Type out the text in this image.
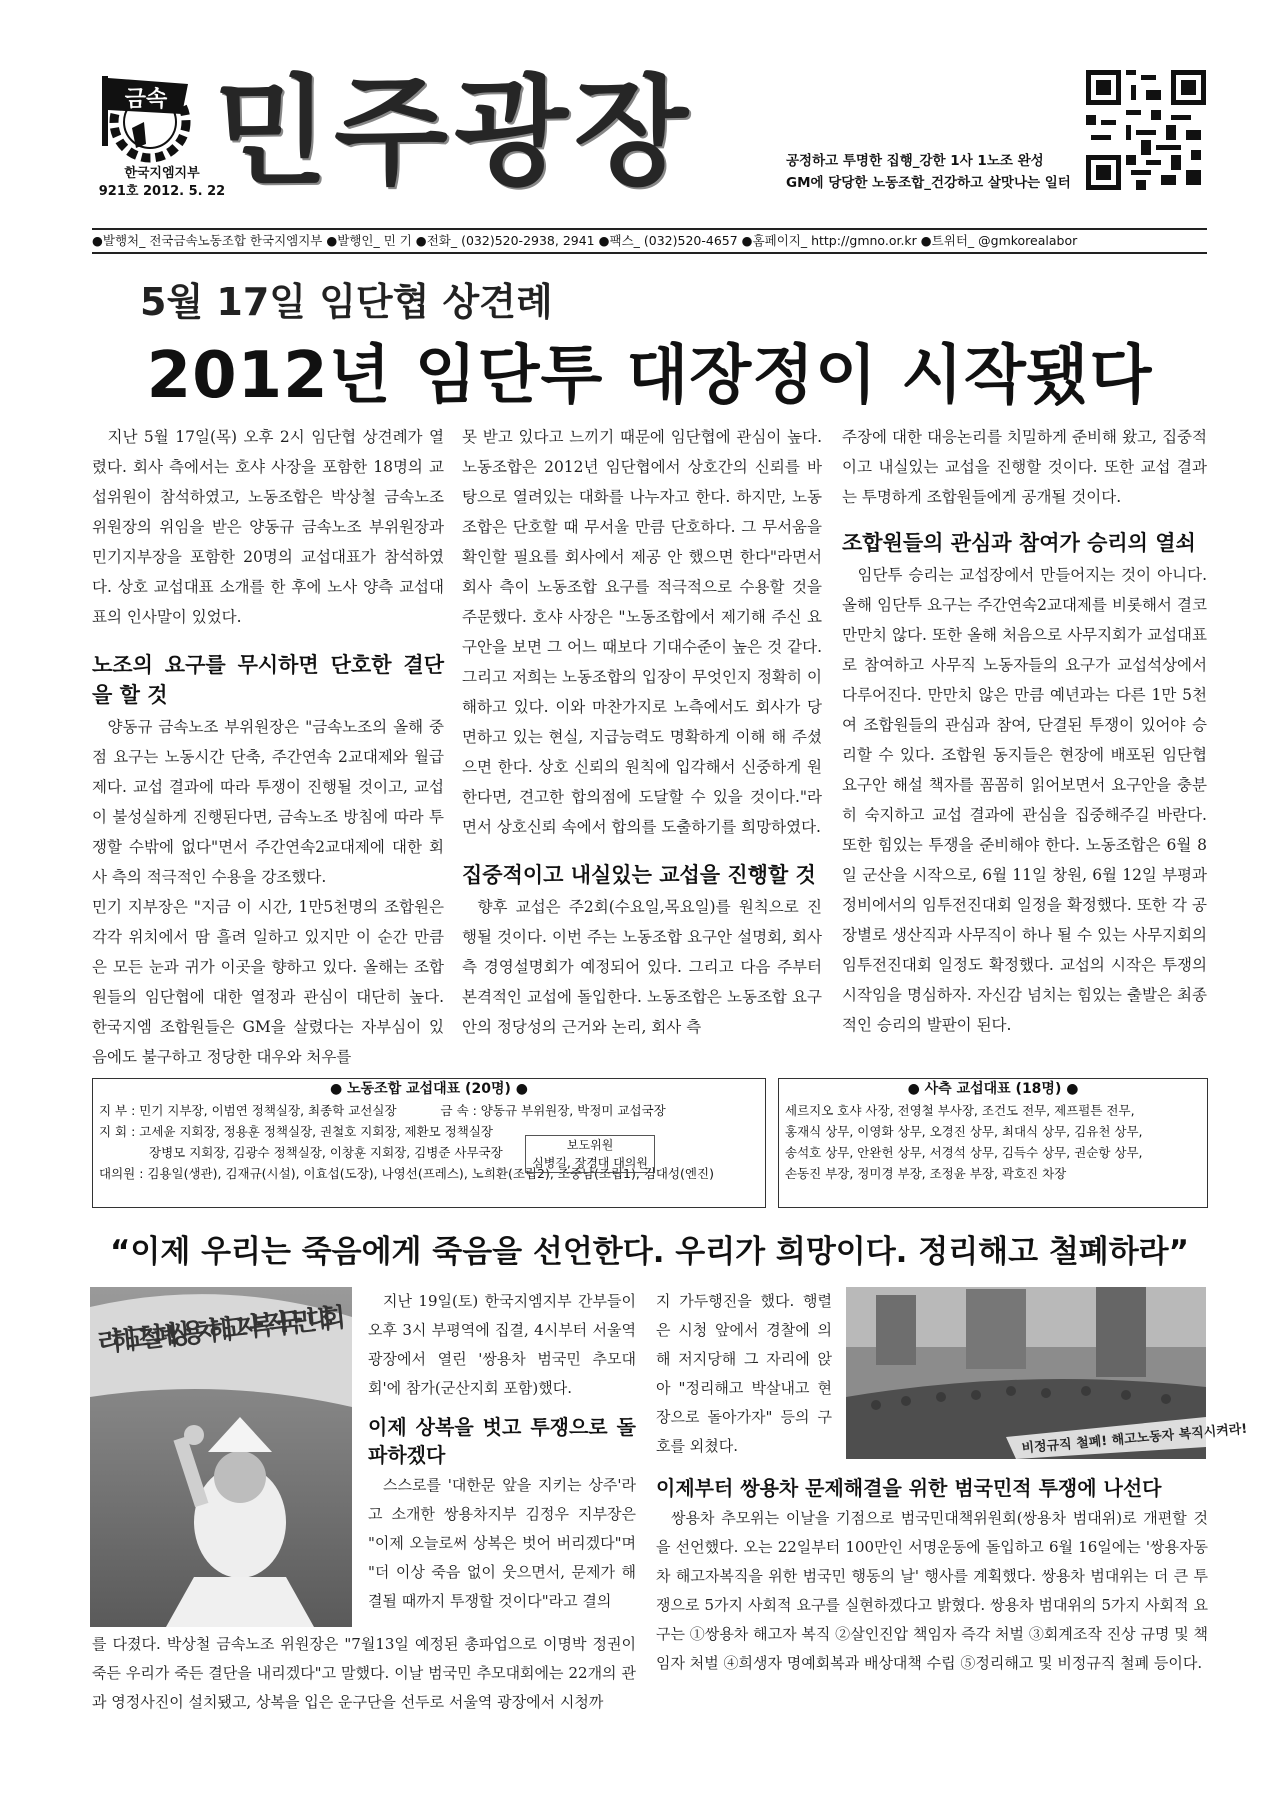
금속
한국지엠지부
921호 2012. 5. 22
민주광장	공정하고 투명한 집행_강한 1사 1노조 완성
GM에 당당한 노동조합_건강하고 살맛나는 일터
●발행처_ 전국금속노동조합 한국지엠지부 ●발행인_ 민 기 ●전화_ (032)520-2938, 2941 ●팩스_ (032)520-4657 ●홈페이지_ http://gmno.or.kr ●트위터_ @gmkorealabor
5월 17일 임단협 상견례
2012년 임단투 대장정이 시작됐다

지난 5월 17일(목) 오후 2시 임단협 상견례가 열렸다. 회사 측에서는 호샤 사장을 포함한 18명의 교섭위원이 참석하였고, 노동조합은 박상철 금속노조 위원장의 위임을 받은 양동규 금속노조 부위원장과 민기지부장을 포함한 20명의 교섭대표가 참석하였다. 상호 교섭대표 소개를 한 후에 노사 양측 교섭대표의 인사말이 있었다.

노조의 요구를 무시하면 단호한 결단을 할 것

양동규 금속노조 부위원장은 "금속노조의 올해 중점 요구는 노동시간 단축, 주간연속 2교대제와 월급제다. 교섭 결과에 따라 투쟁이 진행될 것이고, 교섭이 불성실하게 진행된다면, 금속노조 방침에 따라 투쟁할 수밖에 없다"면서 주간연속2교대제에 대한 회사 측의 적극적인 수용을 강조했다.

민기 지부장은 "지금 이 시간, 1만5천명의 조합원은 각각 위치에서 땀 흘려 일하고 있지만 이 순간 만큼은 모든 눈과 귀가 이곳을 향하고 있다. 올해는 조합원들의 임단협에 대한 열정과 관심이 대단히 높다. 한국지엠 조합원들은 GM을 살렸다는 자부심이 있음에도 불구하고 정당한 대우와 처우를

못 받고 있다고 느끼기 때문에 임단협에 관심이 높다. 노동조합은 2012년 임단협에서 상호간의 신뢰를 바탕으로 열려있는 대화를 나누자고 한다. 하지만, 노동조합은 단호할 때 무서울 만큼 단호하다. 그 무서움을 확인할 필요를 회사에서 제공 안 했으면 한다"라면서 회사 측이 노동조합 요구를 적극적으로 수용할 것을 주문했다. 호샤 사장은 "노동조합에서 제기해 주신 요구안을 보면 그 어느 때보다 기대수준이 높은 것 같다. 그리고 저희는 노동조합의 입장이 무엇인지 정확히 이해하고 있다. 이와 마찬가지로 노측에서도 회사가 당면하고 있는 현실, 지급능력도 명확하게 이해 해 주셨으면 한다. 상호 신뢰의 원칙에 입각해서 신중하게 원한다면, 견고한 합의점에 도달할 수 있을 것이다."라면서 상호신뢰 속에서 합의를 도출하기를 희망하였다.

집중적이고 내실있는 교섭을 진행할 것

향후 교섭은 주2회(수요일,목요일)를 원칙으로 진행될 것이다. 이번 주는 노동조합 요구안 설명회, 회사 측 경영설명회가 예정되어 있다. 그리고 다음 주부터 본격적인 교섭에 돌입한다. 노동조합은 노동조합 요구안의 정당성의 근거와 논리, 회사 측

주장에 대한 대응논리를 치밀하게 준비해 왔고, 집중적이고 내실있는 교섭을 진행할 것이다. 또한 교섭 결과는 투명하게 조합원들에게 공개될 것이다.

조합원들의 관심과 참여가 승리의 열쇠

임단투 승리는 교섭장에서 만들어지는 것이 아니다. 올해 임단투 요구는 주간연속2교대제를 비롯해서 결코 만만치 않다. 또한 올해 처음으로 사무지회가 교섭대표로 참여하고 사무직 노동자들의 요구가 교섭석상에서 다루어진다. 만만치 않은 만큼 예년과는 다른 1만 5천여 조합원들의 관심과 참여, 단결된 투쟁이 있어야 승리할 수 있다. 조합원 동지들은 현장에 배포된 임단협 요구안 해설 책자를 꼼꼼히 읽어보면서 요구안을 충분히 숙지하고 교섭 결과에 관심을 집중해주길 바란다. 또한 힘있는 투쟁을 준비해야 한다. 노동조합은 6월 8일 군산을 시작으로, 6월 11일 창원, 6월 12일 부평과 정비에서의 임투전진대회 일정을 확정했다. 또한 각 공장별로 생산직과 사무직이 하나 될 수 있는 사무지회의 임투전진대회 일정도 확정했다. 교섭의 시작은 투쟁의 시작임을 명심하자. 자신감 넘치는 힘있는 출발은 최종적인 승리의 발판이 된다.

● 노동조합 교섭대표 (20명) ●
지 부 : 민기 지부장, 이범연 정책실장, 최종학 교선실장	금 속 : 양동규 부위원장, 박정미 교섭국장
지 회 : 고세윤 지회장, 정용훈 정책실장, 권철호 지회장, 제환모 정책실장
장병모 지회장, 김광수 정책실장, 이창훈 지회장, 김병준 사무국장
대의원 : 김용일(생관), 김재규(시설), 이효섭(도장), 나영선(프레스), 노희환(조립2), 조중남(조립1), 김대성(엔진)
보도위원
심병길, 장경대 대의원
● 사측 교섭대표 (18명) ●
세르지오 호샤 사장, 전영철 부사장, 조건도 전무, 제프펄튼 전무,
홍재식 상무, 이영화 상무, 오경진 상무, 최대식 상무, 김유천 상무,
송석호 상무, 안완헌 상무, 서경석 상무, 김득수 상무, 권순항 상무,
손동진 부장, 정미경 부장, 조정윤 부장, 곽호진 차장
“이제 우리는 죽음에게 죽음을 선언한다. 우리가 희망이다. 정리해고 철폐하라”
리해고 철폐! 쌍용차 해고자 복직! 국민대회
비정규직 철폐! 해고노동자 복직시켜라!

지난 19일(토) 한국지엠지부 간부들이 오후 3시 부평역에 집결, 4시부터 서울역광장에서 열린 '쌍용차 범국민 추모대회'에 참가(군산지회 포함)했다.

이제 상복을 벗고 투쟁으로 돌파하겠다

스스로를 '대한문 앞을 지키는 상주'라고 소개한 쌍용차지부 김정우 지부장은 "이제 오늘로써 상복은 벗어 버리겠다"며 "더 이상 죽음 없이 웃으면서, 문제가 해결될 때까지 투쟁할 것이다"라고 결의

를 다졌다. 박상철 금속노조 위원장은 "7월13일 예정된 총파업으로 이명박 정권이 죽든 우리가 죽든 결단을 내리겠다"고 말했다. 이날 범국민 추모대회에는 22개의 관과 영정사진이 설치됐고, 상복을 입은 운구단을 선두로 서울역 광장에서 시청까

지 가두행진을 했다. 행렬은 시청 앞에서 경찰에 의해 저지당해 그 자리에 앉아 "정리해고 박살내고 현장으로 돌아가자" 등의 구호를 외쳤다.

이제부터 쌍용차 문제해결을 위한 범국민적 투쟁에 나선다

쌍용차 추모위는 이날을 기점으로 범국민대책위원회(쌍용차 범대위)로 개편할 것을 선언했다. 오는 22일부터 100만인 서명운동에 돌입하고 6월 16일에는 '쌍용자동차 해고자복직을 위한 범국민 행동의 날' 행사를 계획했다. 쌍용차 범대위는 더 큰 투쟁으로 5가지 사회적 요구를 실현하겠다고 밝혔다. 쌍용차 범대위의 5가지 사회적 요구는 ①쌍용차 해고자 복직 ②살인진압 책임자 즉각 처벌 ③회계조작 진상 규명 및 책임자 처벌 ④희생자 명예회복과 배상대책 수립 ⑤정리해고 및 비정규직 철폐 등이다.
